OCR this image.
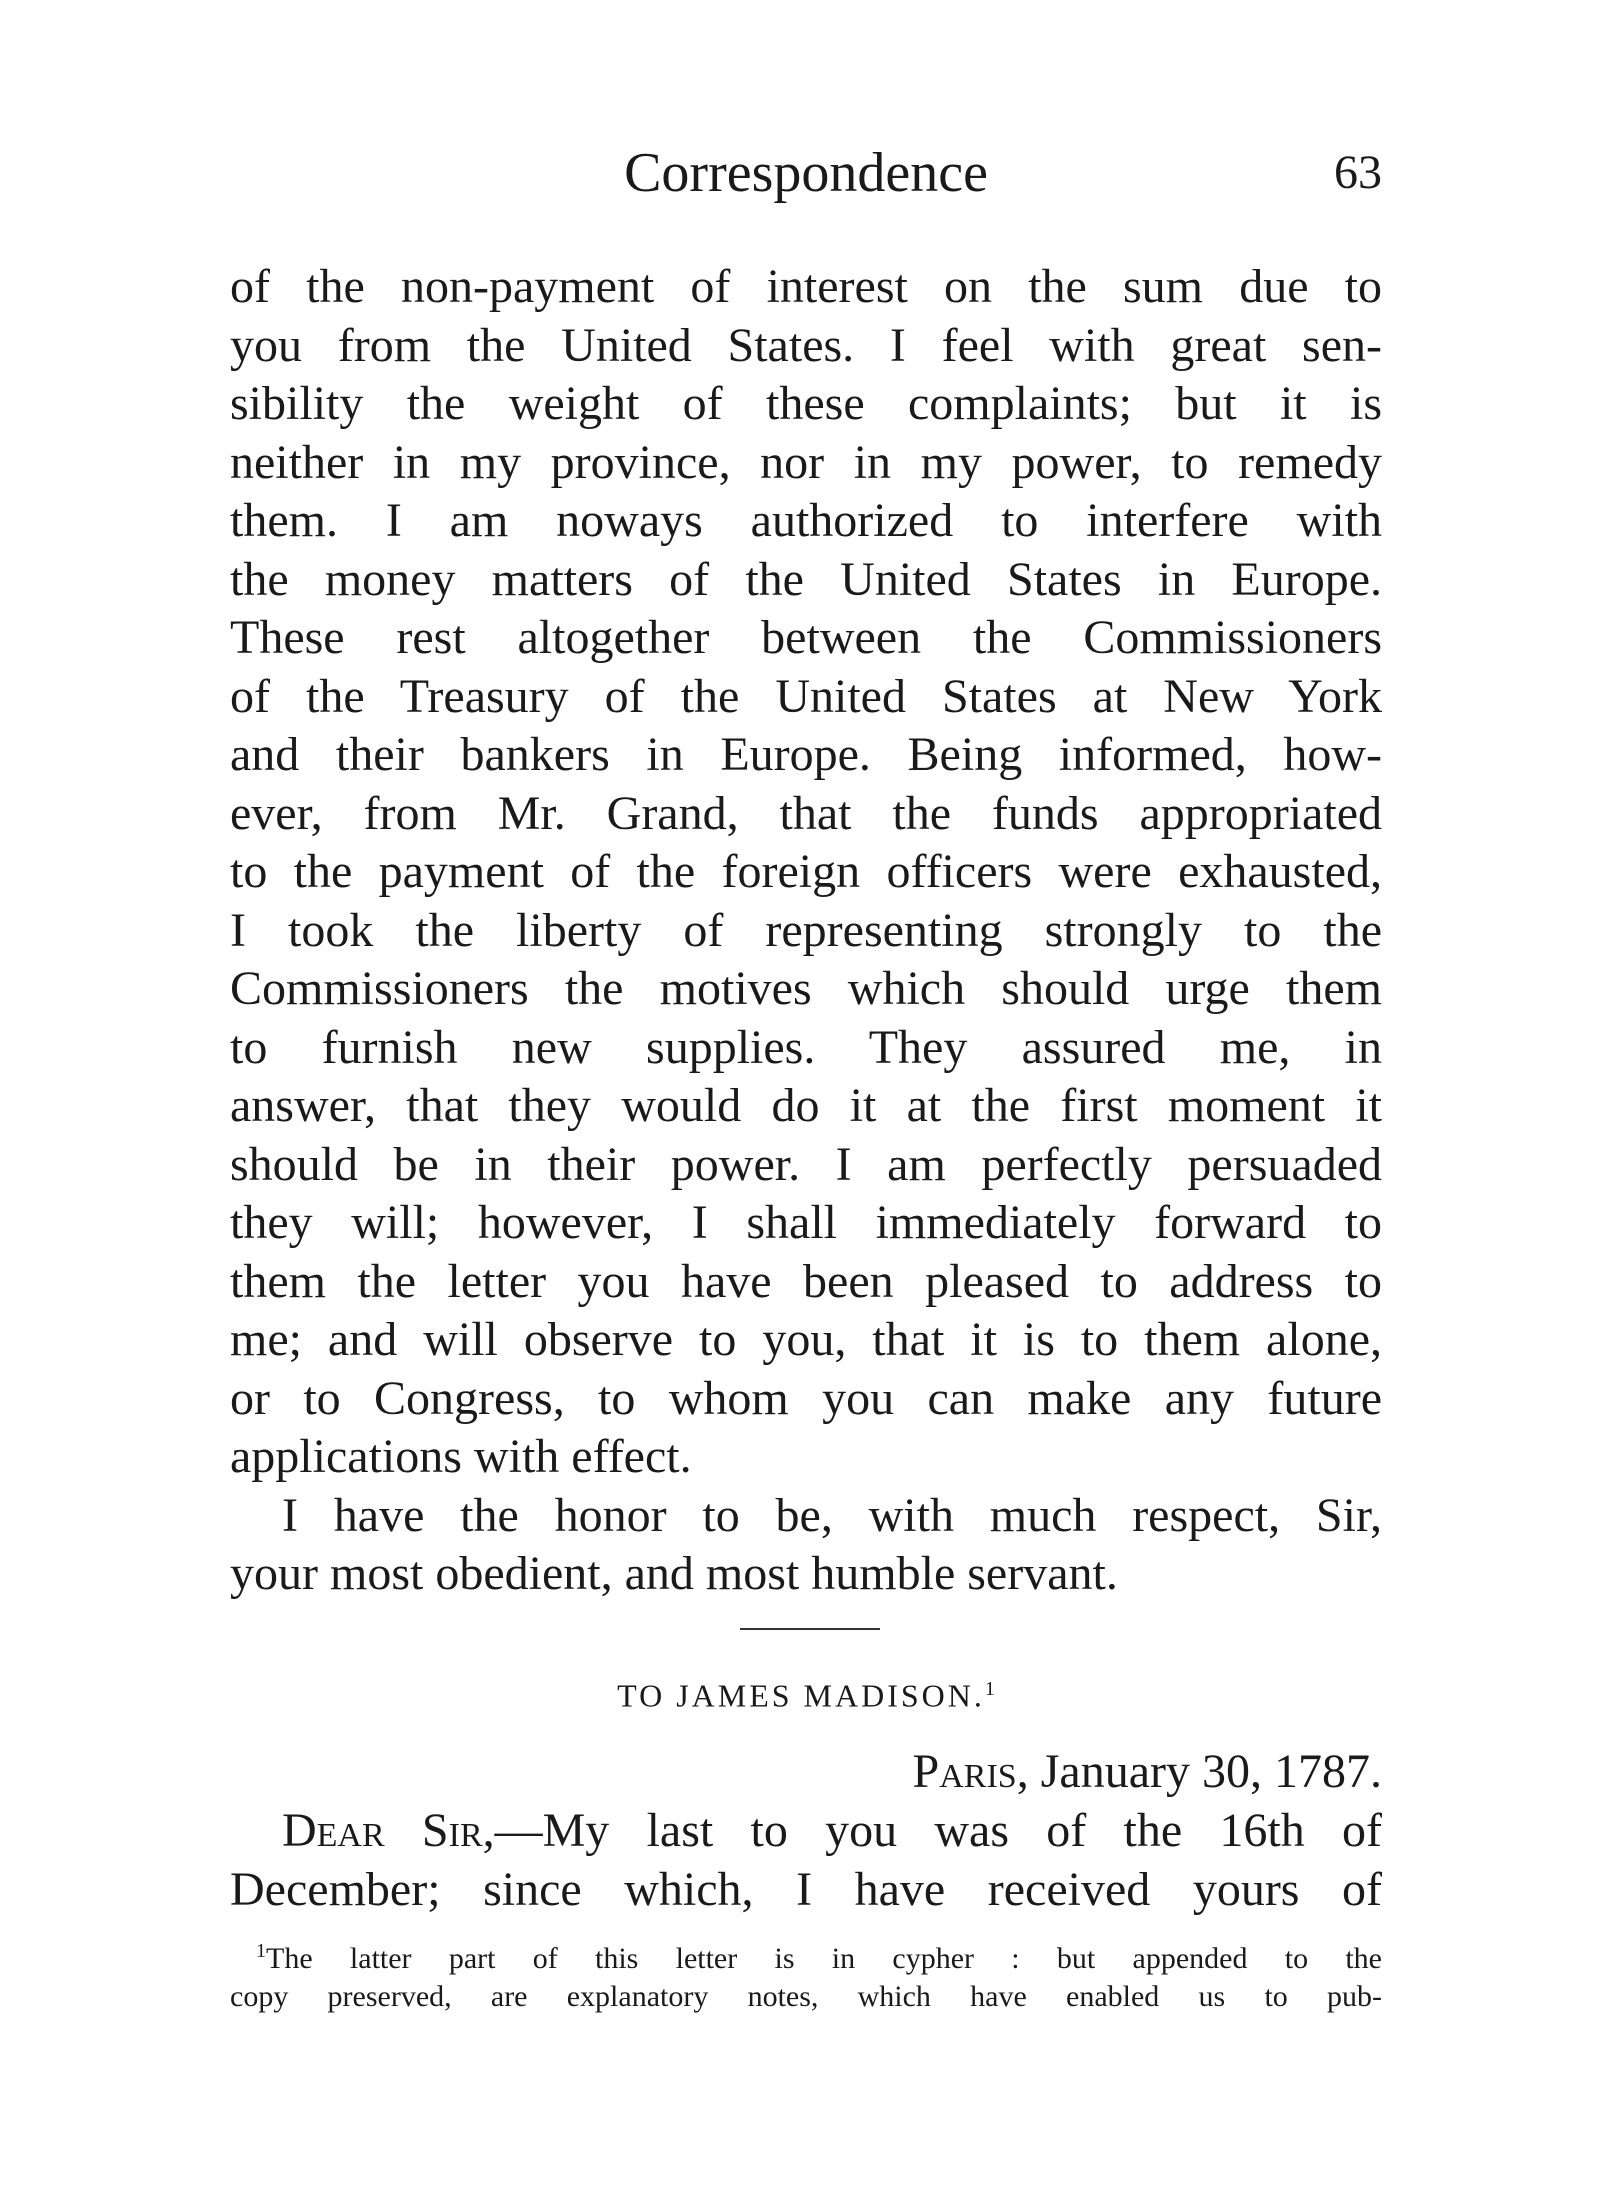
Correspondence	63
of the non-payment of interest on the sum due to
you from the United States. I feel with great sen-
sibility the weight of these complaints; but it is
neither in my province, nor in my power, to remedy
them. I am noways authorized to interfere with
the money matters of the United States in Europe.
These rest altogether between the Commissioners
of the Treasury of the United States at New York
and their bankers in Europe. Being informed, how-
ever, from Mr. Grand, that the funds appropriated
to the payment of the foreign officers were exhausted,
I took the liberty of representing strongly to the
Commissioners the motives which should urge them
to furnish new supplies. They assured me, in
answer, that they would do it at the first moment it
should be in their power. I am perfectly persuaded
they will; however, I shall immediately forward to
them the letter you have been pleased to address to
me; and will observe to you, that it is to them alone,
or to Congress, to whom you can make any future
applications with effect.
I have the honor to be, with much respect, Sir,
your most obedient, and most humble servant.
TO JAMES MADISON.$^1$
Paris, January 30, 1787.
Dear Sir,—My last to you was of the 16th of
December; since which, I have received yours of
$^1$The latter part of this letter is in cypher : but appended to the
copy preserved, are explanatory notes, which have enabled us to pub-
